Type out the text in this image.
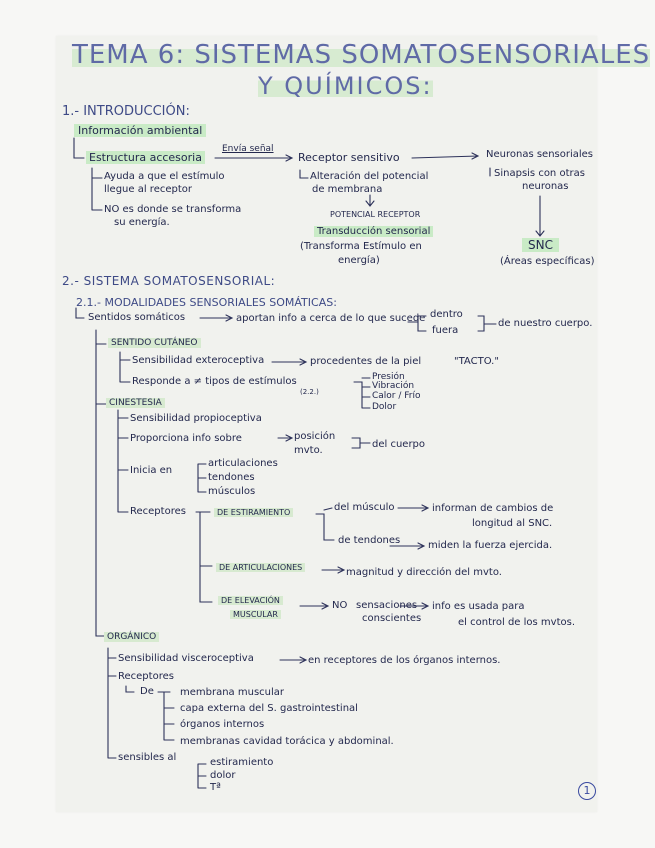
TEMA 6: SISTEMAS SOMATOSENSORIALES
Y QUÍMICOS:
1.- INTRODUCCIÓN:
Información ambiental
Estructura accesoria
Envía señal
Receptor sensitivo	Neuronas sensoriales
Ayuda a que el estímulo
llegue al receptor
NO es donde se transforma
su energía.
Alteración del potencial
de membrana
POTENCIAL RECEPTOR
Transducción sensorial
(Transforma Estímulo en
energía)
Sinapsis con otras
neuronas
SNC
(Áreas específicas)
2.- SISTEMA SOMATOSENSORIAL:
2.1.- MODALIDADES SENSORIALES SOMÁTICAS:
Sentidos somáticos	aportan info a cerca de lo que sucede dentro
fuera
de nuestro cuerpo.
SENTIDO CUTÁNEO
Sensibilidad exteroceptiva	procedentes de la piel	"TACTO."
Responde a ≠ tipos de estímulos
(2.2.)
Presión
Vibración
Calor / Frío
Dolor
CINESTESIA
Sensibilidad propioceptiva
Proporciona info sobre	posición
mvto.
del cuerpo
Inicia en
articulaciones
tendones
músculos
Receptores	DE ESTIRAMIENTO	del músculo	informan de cambios de
longitud al SNC.
de tendones	miden la fuerza ejercida.
DE ARTICULACIONES	magnitud y dirección del mvto.
DE ELEVACIÓN
MUSCULAR
NO sensaciones
conscientes
info es usada para
el control de los mvtos.
ORGÁNICO
Sensibilidad visceroceptiva	en receptores de los órganos internos.
Receptores
De	membrana muscular
capa externa del S. gastrointestinal
órganos internos
membranas cavidad torácica y abdominal.
sensibles al	estiramiento
dolor
Tª	1
